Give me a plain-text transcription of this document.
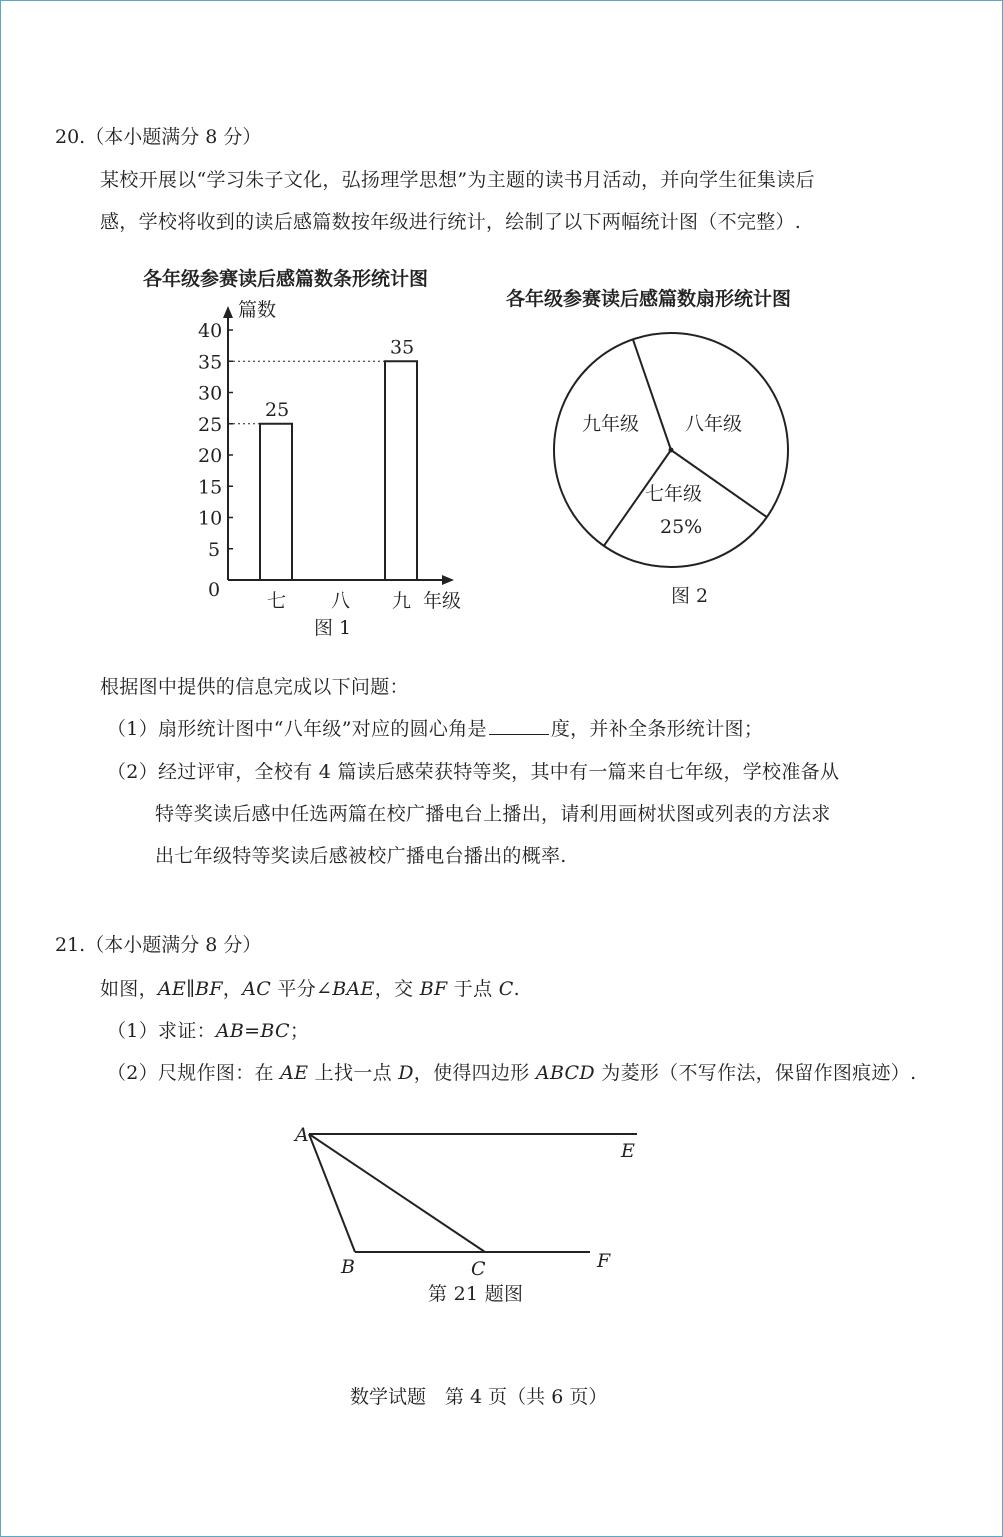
20.（本小题满分 8 分）
某校开展以“学习朱子文化，弘扬理学思想”为主题的读书月活动，并向学生征集读后
感，学校将收到的读后感篇数按年级进行统计，绘制了以下两幅统计图（不完整）.
各年级参赛读后感篇数条形统计图
各年级参赛读后感篇数扇形统计图
篇数
年级
图 1
0
5
10
15
20
25
30
35
40
七
25
八 九
35
图 2
七年级
25%
八年级
九年级
根据图中提供的信息完成以下问题：
（1）扇形统计图中“八年级”对应的圆心角是	度，并补全条形统计图；
（2）经过评审，全校有 4 篇读后感荣获特等奖，其中有一篇来自七年级，学校准备从
特等奖读后感中任选两篇在校广播电台上播出，请利用画树状图或列表的方法求
出七年级特等奖读后感被校广播电台播出的概率.
21.（本小题满分 8 分）
如图，AE∥BF，AC 平分∠BAE，交 BF 于点 C.
（1）求证：AB=BC；
（2）尺规作图：在 AE 上找一点 D，使得四边形 ABCD 为菱形（不写作法，保留作图痕迹）.
A
E
B	C	F
第 21 题图
数学试题　第 4 页（共 6 页）
